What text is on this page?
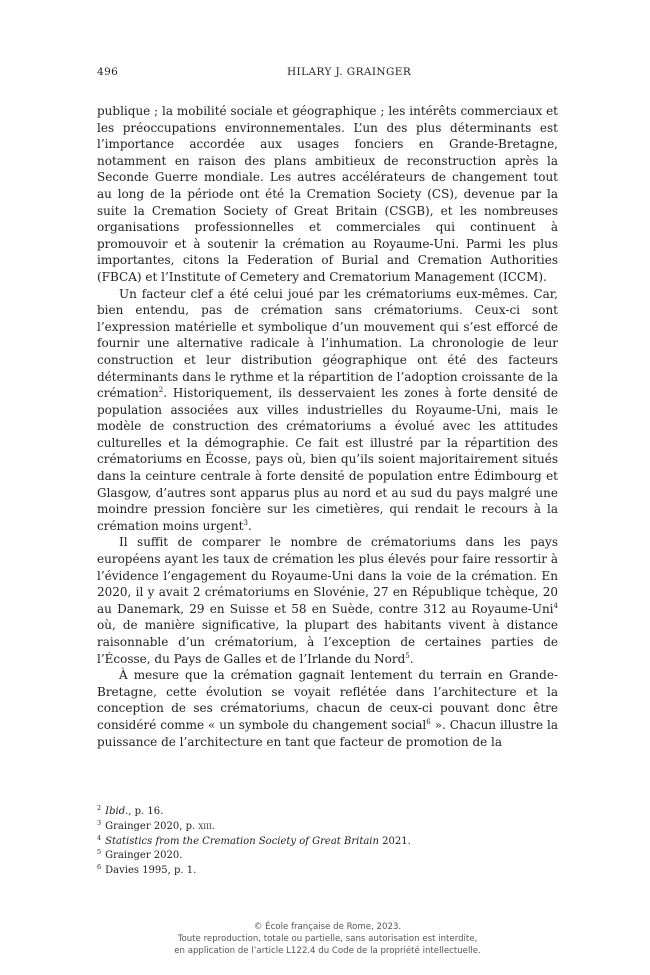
496	HILARY J. GRAINGER

publique ; la mobilité sociale et géographique ; les intérêts commerciaux et les préoccupations environnementales. L’un des plus déterminants est l’importance accordée aux usages fonciers en Grande-Bretagne, notamment en raison des plans ambitieux de reconstruction après la Seconde Guerre mondiale. Les autres accélérateurs de changement tout au long de la période ont été la Cremation Society (CS), devenue par la suite la Cremation Society of Great Britain (CSGB), et les nombreuses organisations professionnelles et commerciales qui continuent à promouvoir et à soutenir la crémation au Royaume-Uni. Parmi les plus importantes, citons la Federation of Burial and Cremation Authorities (FBCA) et l’Institute of Cemetery and Crematorium Management (ICCM).

Un facteur clef a été celui joué par les crématoriums eux-mêmes. Car, bien entendu, pas de crémation sans crématoriums. Ceux-ci sont l’expression matérielle et symbolique d’un mouvement qui s’est efforcé de fournir une alternative radicale à l’inhumation. La chronologie de leur construction et leur distribution géographique ont été des facteurs déterminants dans le rythme et la répartition de l’adoption croissante de la crémation$^2$. Historiquement, ils desservaient les zones à forte densité de population associées aux villes industrielles du Royaume-Uni, mais le modèle de construction des crématoriums a évolué avec les attitudes culturelles et la démographie. Ce fait est illustré par la répartition des crématoriums en Écosse, pays où, bien qu’ils soient majoritairement situés dans la ceinture centrale à forte densité de population entre Édimbourg et Glasgow, d’autres sont apparus plus au nord et au sud du pays malgré une moindre pression foncière sur les cimetières, qui rendait le recours à la crémation moins urgent$^3$.

Il suffit de comparer le nombre de crématoriums dans les pays européens ayant les taux de crémation les plus élevés pour faire ressortir à l’évidence l’engagement du Royaume-Uni dans la voie de la crémation. En 2020, il y avait 2 crématoriums en Slovénie, 27 en République tchèque, 20 au Danemark, 29 en Suisse et 58 en Suède, contre 312 au Royaume-Uni$^4$ où, de manière significative, la plupart des habitants vivent à distance raisonnable d’un crématorium, à l’exception de certaines parties de l’Écosse, du Pays de Galles et de l’Irlande du Nord$^5$.

À mesure que la crémation gagnait lentement du terrain en Grande-Bretagne, cette évolution se voyait reflétée dans l’architecture et la conception de ses crématoriums, chacun de ceux-ci pouvant donc être considéré comme « un symbole du changement social$^6$ ». Chacun illustre la puissance de l’architecture en tant que facteur de promotion de la

$^2$ Ibid., p. 16.
$^3$ Grainger 2020, p. xiii.
$^4$ Statistics from the Cremation Society of Great Britain 2021.
$^5$ Grainger 2020.
$^6$ Davies 1995, p. 1.
© École française de Rome, 2023.
Toute reproduction, totale ou partielle, sans autorisation est interdite,
en application de l’article L122.4 du Code de la propriété intellectuelle.
